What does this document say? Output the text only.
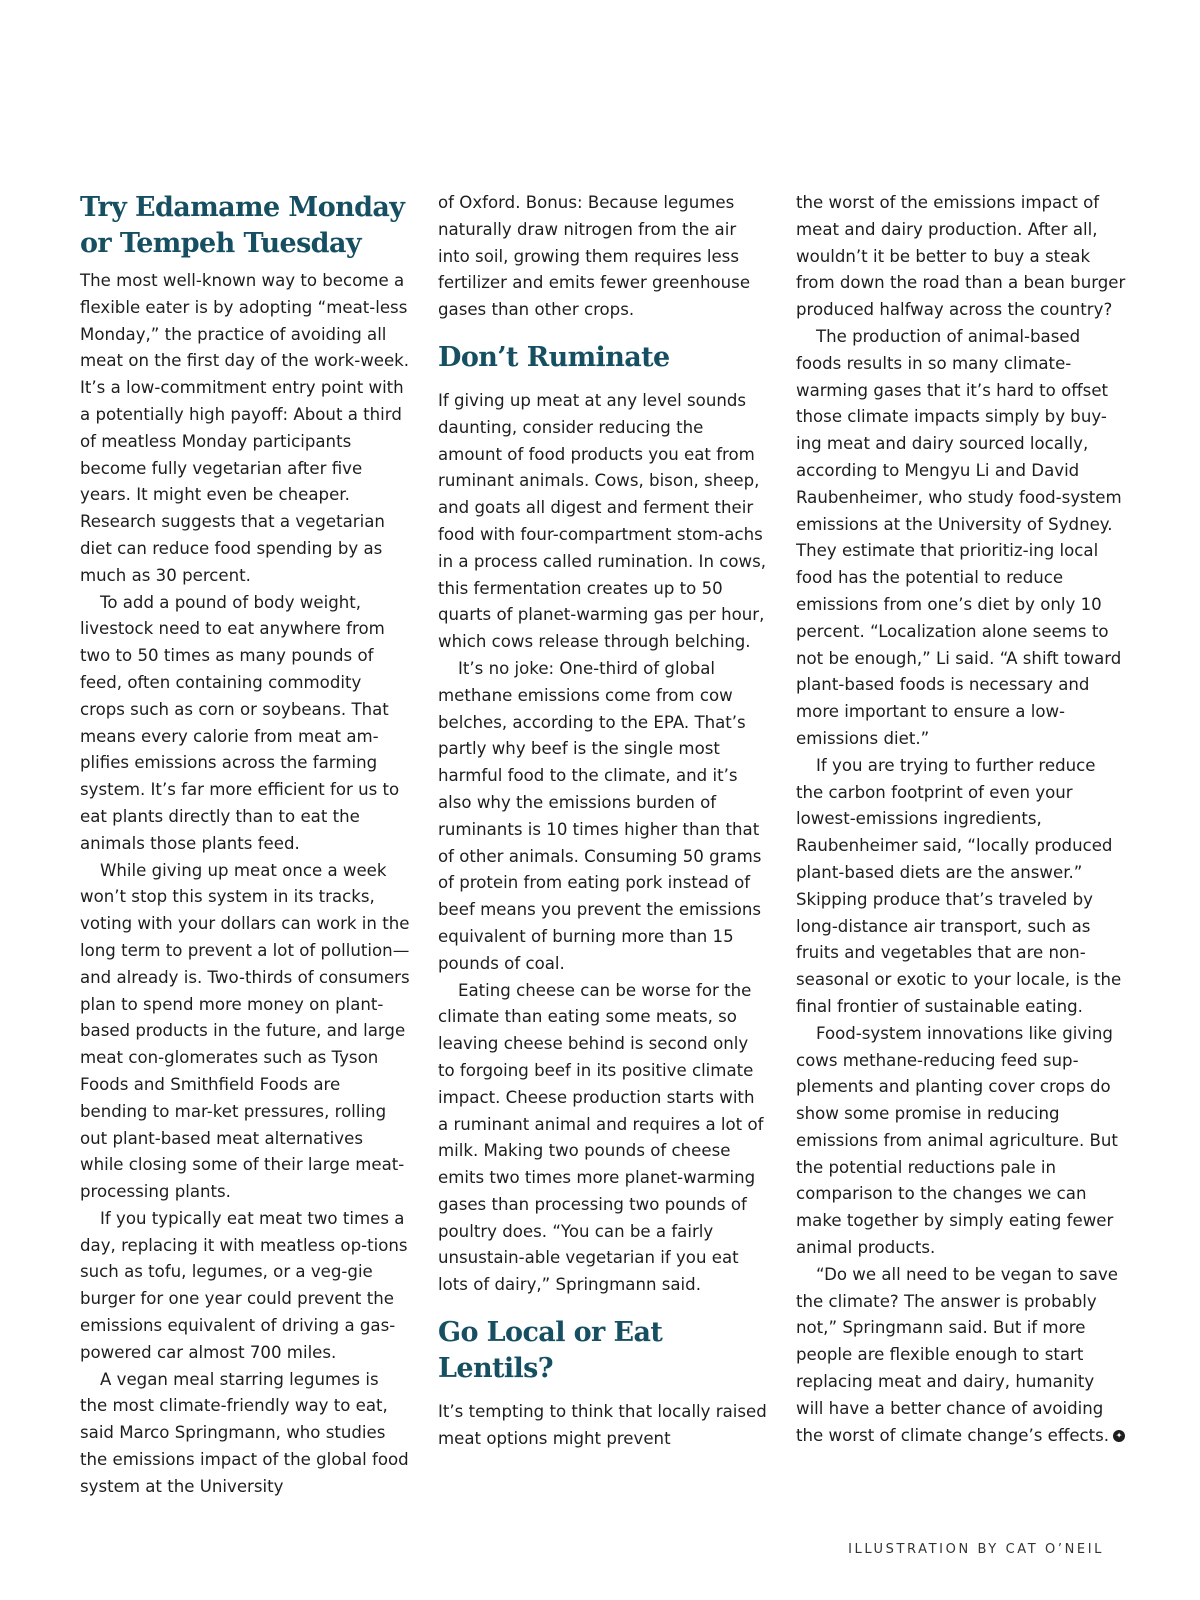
Try Edamame Monday or Tempeh Tuesday

The most well-known way to become a flexible eater is by adopting “meat-less Monday,” the practice of avoiding all meat on the first day of the work-week. It’s a low-commitment entry point with a potentially high payoff: About a third of meatless Monday participants become fully vegetarian after five years. It might even be cheaper. Research suggests that a vegetarian diet can reduce food spending by as much as 30 percent.

To add a pound of body weight, livestock need to eat anywhere from two to 50 times as many pounds of feed, often containing commodity crops such as corn or soybeans. That means every calorie from meat am-plifies emissions across the farming system. It’s far more efficient for us to eat plants directly than to eat the animals those plants feed.

While giving up meat once a week won’t stop this system in its tracks, voting with your dollars can work in the long term to prevent a lot of pollution—and already is. Two-thirds of consumers plan to spend more money on plant-based products in the future, and large meat con-glomerates such as Tyson Foods and Smithfield Foods are bending to mar-ket pressures, rolling out plant-based meat alternatives while closing some of their large meat-processing plants.

If you typically eat meat two times a day, replacing it with meatless op-tions such as tofu, legumes, or a veg-gie burger for one year could prevent the emissions equivalent of driving a gas-powered car almost 700 miles.

A vegan meal starring legumes is the most climate-friendly way to eat, said Marco Springmann, who studies the emissions impact of the global food system at the University

of Oxford. Bonus: Because legumes naturally draw nitrogen from the air into soil, growing them requires less fertilizer and emits fewer greenhouse gases than other crops.

Don’t Ruminate

If giving up meat at any level sounds daunting, consider reducing the amount of food products you eat from ruminant animals. Cows, bison, sheep, and goats all digest and ferment their food with four-compartment stom-achs in a process called rumination. In cows, this fermentation creates up to 50 quarts of planet-warming gas per hour, which cows release through belching.

It’s no joke: One-third of global methane emissions come from cow belches, according to the EPA. That’s partly why beef is the single most harmful food to the climate, and it’s also why the emissions burden of ruminants is 10 times higher than that of other animals. Consuming 50 grams of protein from eating pork instead of beef means you prevent the emissions equivalent of burning more than 15 pounds of coal.

Eating cheese can be worse for the climate than eating some meats, so leaving cheese behind is second only to forgoing beef in its positive climate impact. Cheese production starts with a ruminant animal and requires a lot of milk. Making two pounds of cheese emits two times more planet-warming gases than processing two pounds of poultry does. “You can be a fairly unsustain-able vegetarian if you eat lots of dairy,” Springmann said.

Go Local or Eat Lentils?

It’s tempting to think that locally raised meat options might prevent

the worst of the emissions impact of meat and dairy production. After all, wouldn’t it be better to buy a steak from down the road than a bean burger produced halfway across the country?

The production of animal-based foods results in so many climate-warming gases that it’s hard to offset those climate impacts simply by buy-ing meat and dairy sourced locally, according to Mengyu Li and David Raubenheimer, who study food-system emissions at the University of Sydney. They estimate that prioritiz-ing local food has the potential to reduce emissions from one’s diet by only 10 percent. “Localization alone seems to not be enough,” Li said. “A shift toward plant-based foods is necessary and more important to ensure a low-emissions diet.”

If you are trying to further reduce the carbon footprint of even your lowest-emissions ingredients, Raubenheimer said, “locally produced plant-based diets are the answer.” Skipping produce that’s traveled by long-distance air transport, such as fruits and vegetables that are non-seasonal or exotic to your locale, is the final frontier of sustainable eating.

Food-system innovations like giving cows methane-reducing feed sup-plements and planting cover crops do show some promise in reducing emissions from animal agriculture. But the potential reductions pale in comparison to the changes we can make together by simply eating fewer animal products.

“Do we all need to be vegan to save the climate? The answer is probably not,” Springmann said. But if more people are flexible enough to start replacing meat and dairy, humanity will have a better chance of avoiding the worst of climate change’s effects. ✦

ILLUSTRATION BY CAT O’NEIL
